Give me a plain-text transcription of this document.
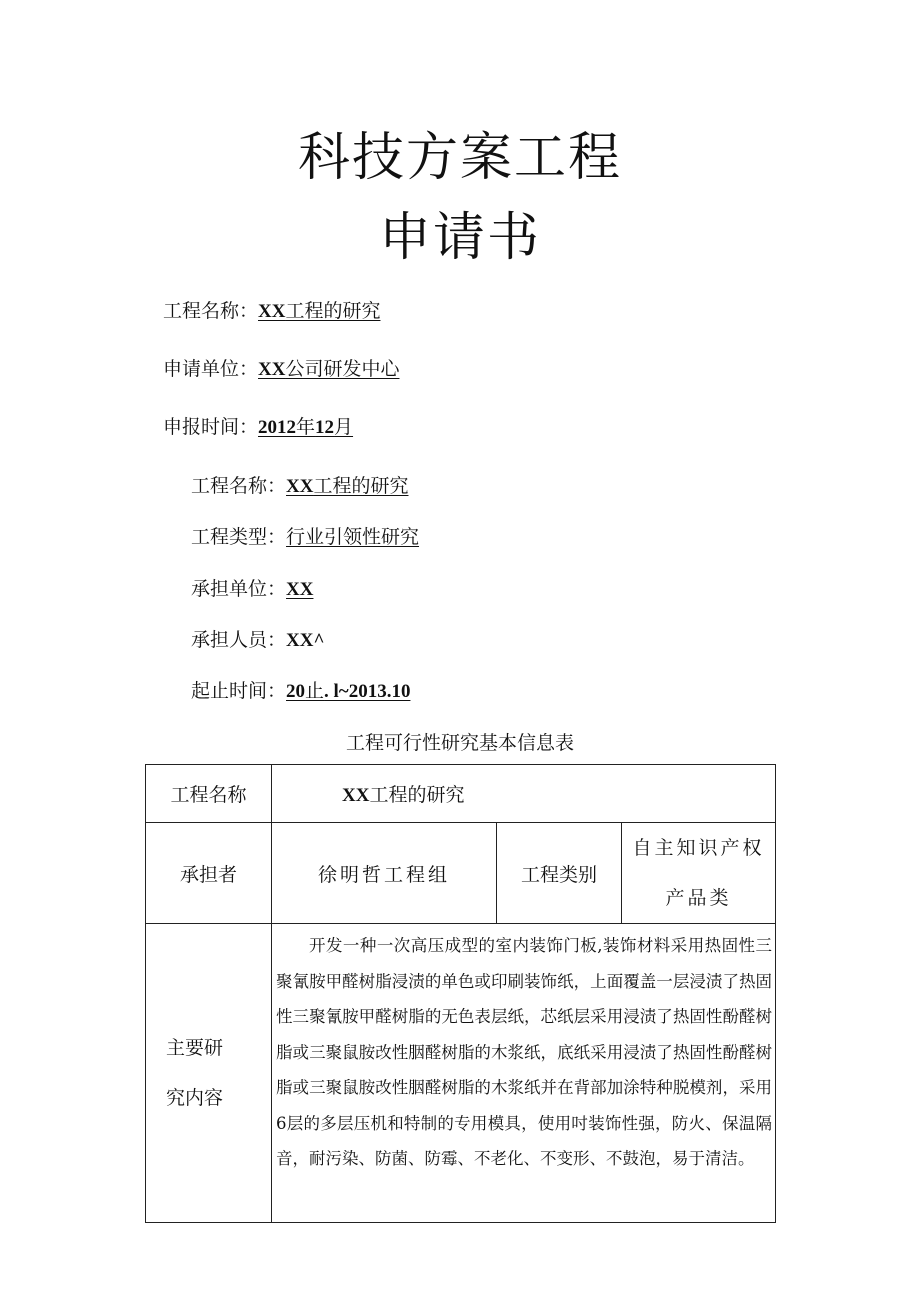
科技方案工程
申请书
工程名称：XX工程的研究
申请单位：XX公司研发中心
申报时间：2012年12月
工程名称：XX工程的研究
工程类型：行业引领性研究
承担单位：XX
承担人员：XX^
起止时间：20止. l~2013.10
工程可行性研究基本信息表
工程名称	XX工程的研究		
承担者	徐明哲工程组	工程类别	自主知识产权
产品类

主要研
究内容	开发一种一次高压成型的室内装饰门板,装饰材料采用热固性三聚氰胺甲醛树脂浸渍的单色或印刷装饰纸，上面覆盖一层浸渍了热固性三聚氰胺甲醛树脂的无色表层纸，芯纸层采用浸渍了热固性酚醛树脂或三聚鼠胺改性胭醛树脂的木浆纸，底纸采用浸渍了热固性酚醛树脂或三聚鼠胺改性胭醛树脂的木浆纸并在背部加涂特种脱模剂，采用6层的多层压机和特制的专用模具，使用吋装饰性强，防火、保温隔音，耐污染、防菌、防霉、不老化、不变形、不鼓泡，易于清洁。		
